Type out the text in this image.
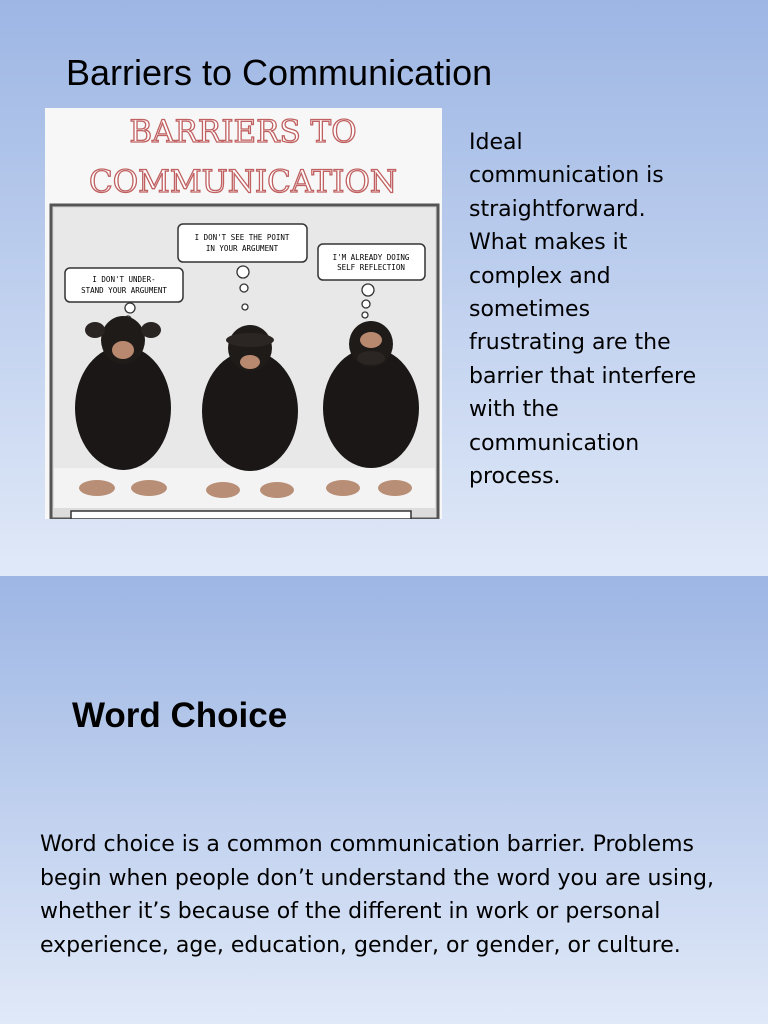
Barriers to Communication
BARRIERS TO
COMMUNICATION
I DON'T UNDER-
STAND YOUR ARGUMENT
I DON'T SEE THE POINT
IN YOUR ARGUMENT
I'M ALREADY DOING
SELF REFLECTION
Ideal communication is straightforward. What makes it complex and sometimes frustrating are the barrier that interfere with the communication process.
Word Choice
Word choice is a common communication barrier. Problems begin when people don’t understand the word you are using, whether it’s because of the different in work or personal experience, age, education, gender, or gender, or culture.
